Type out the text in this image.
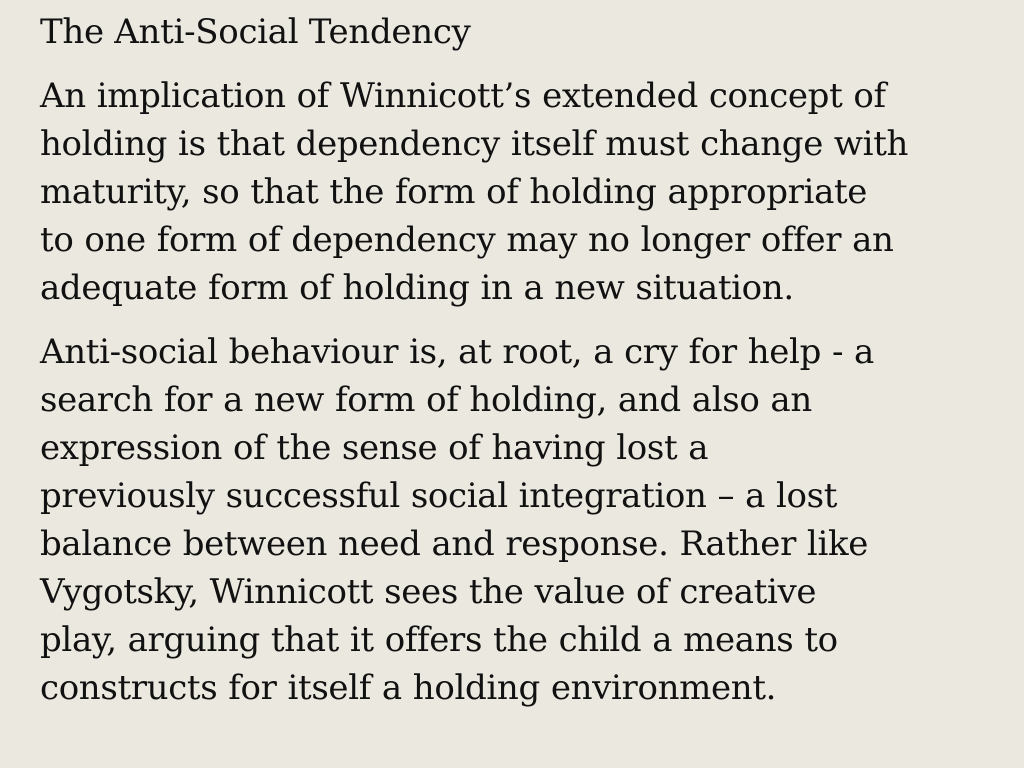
The Anti-Social Tendency

An implication of Winnicott’s extended concept of
holding is that dependency itself must change with
maturity, so that the form of holding appropriate
to one form of dependency may no longer offer an
adequate form of holding in a new situation.

Anti-social behaviour is, at root, a cry for help - a
search for a new form of holding, and also an
expression of the sense of having lost a
previously successful social integration – a lost
balance between need and response. Rather like
Vygotsky, Winnicott sees the value of creative
play, arguing that it offers the child a means to
constructs for itself a holding environment.
